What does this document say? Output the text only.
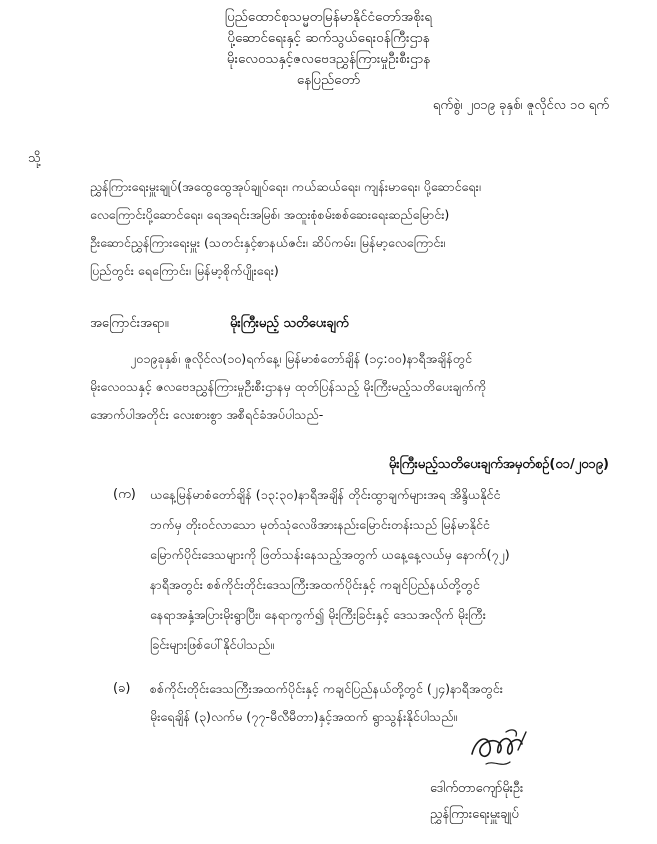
ပြည်ထောင်စုသမ္မတမြန်မာနိုင်ငံတော်အစိုးရ
ပို့ဆောင်ရေးနှင့် ဆက်သွယ်ရေးဝန်ကြီးဌာန
မိုးလေဝသနှင့်ဇလဗေဒညွှန်ကြားမှုဦးစီးဌာန
နေပြည်တော်
ရက်စွဲ၊ ၂၀၁၉ ခုနှစ်၊ ဇူလိုင်လ ၁၀ ရက်
သို့
ညွှန်ကြားရေးမှူးချုပ်(အထွေထွေအုပ်ချုပ်ရေး၊ ကယ်ဆယ်ရေး၊ ကျန်းမာရေး၊ ပို့ဆောင်ရေး၊
လေကြောင်းပို့ဆောင်ရေး၊ ရေအရင်းအမြစ်၊ အထူးစုံစမ်းစစ်ဆေးရေးဆည်မြောင်း)
ဦးဆောင်ညွှန်ကြားရေးမှူး (သတင်းနှင့်စာနယ်ဇင်း၊ ဆိပ်ကမ်း၊ မြန်မာ့လေကြောင်း၊
ပြည်တွင်း ရေကြောင်း၊ မြန်မာ့စိုက်ပျိုးရေး)
အကြောင်းအရာ။	မိုးကြီးမည့် သတိပေးချက်
၂၀၁၉ခုနှစ်၊ ဇူလိုင်လ(၁၀)ရက်နေ့၊ မြန်မာစံတော်ချိန် (၁၄:၀၀)နာရီအချိန်တွင်
မိုးလေဝသနှင့် ဇလဗေဒညွှန်ကြားမှုဦးစီးဌာနမှ ထုတ်ပြန်သည့် မိုးကြီးမည့်သတိပေးချက်ကို
အောက်ပါအတိုင်း လေးစားစွာ အစီရင်ခံအပ်ပါသည်-
မိုးကြီးမည့်သတိပေးချက်အမှတ်စဉ်(၀၁/၂၀၁၉)
(က) ယနေ့မြန်မာစံတော်ချိန် (၁၃:၃၀)နာရီအချိန် တိုင်းထွာချက်များအရ အိန္ဒိယနိုင်ငံ
ဘက်မှ တိုးဝင်လာသော မုတ်သုံလေဖိအားနည်းမြောင်းတန်းသည် မြန်မာနိုင်ငံ
မြောက်ပိုင်းဒေသများကို ဖြတ်သန်းနေသည့်အတွက် ယနေ့နေ့လယ်မှ နောက်(၇၂)
နာရီအတွင်း စစ်ကိုင်းတိုင်းဒေသကြီးအထက်ပိုင်းနှင့် ကချင်ပြည်နယ်တို့တွင်
နေရာအနှံ့အပြားမိုးရွာပြီး၊ နေရာကွက်၍ မိုးကြီးခြင်းနှင့် ဒေသအလိုက် မိုးကြီး
ခြင်းများဖြစ်ပေါ်နိုင်ပါသည်။
(ခ) စစ်ကိုင်းတိုင်းဒေသကြီးအထက်ပိုင်းနှင့် ကချင်ပြည်နယ်တို့တွင် (၂၄)နာရီအတွင်း
မိုးရေချိန် (၃)လက်မ (၇၇-မီလီမီတာ)နှင့်အထက် ရွာသွန်းနိုင်ပါသည်။
ဒေါက်တာကျော်မိုးဦး
ညွှန်ကြားရေးမှူးချုပ်
